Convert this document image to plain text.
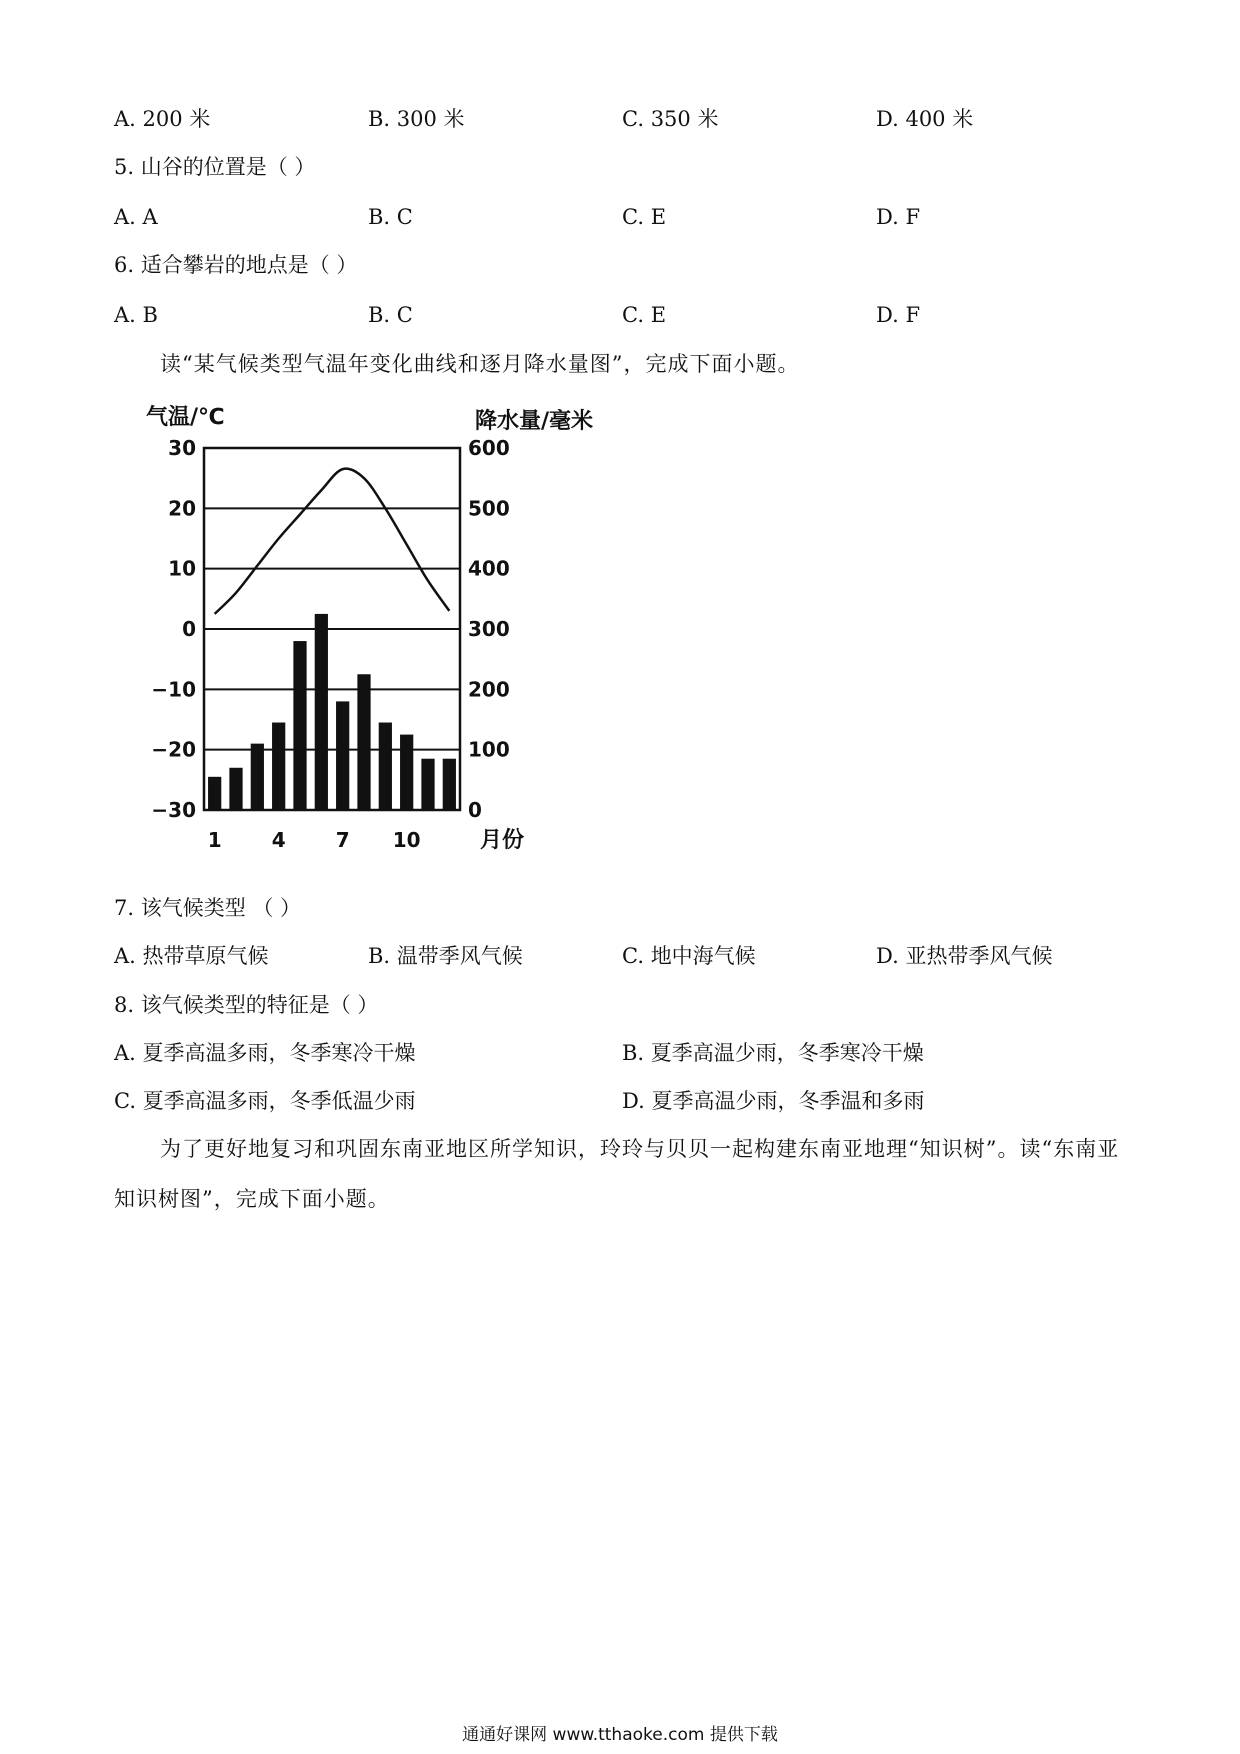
A. 200 米	B. 300 米	C. 350 米	D. 400 米
5. 山谷的位置是（ ）
A. A	B. C	C. E	D. F
6. 适合攀岩的地点是（ ）
A. B	B. C	C. E	D. F
读“某气候类型气温年变化曲线和逐月降水量图”，完成下面小题。
气温/℃	降水量/毫米
30	600
20	500
10	400
0	300
−10	200
−20	100
−30	0
1	4	7 10	月份
7. 该气候类型 （ ）
A. 热带草原气候	B. 温带季风气候	C. 地中海气候	D. 亚热带季风气候
8. 该气候类型的特征是（ ）
A. 夏季高温多雨，冬季寒冷干燥	B. 夏季高温少雨，冬季寒冷干燥
C. 夏季高温多雨，冬季低温少雨	D. 夏季高温少雨，冬季温和多雨
为了更好地复习和巩固东南亚地区所学知识，玲玲与贝贝一起构建东南亚地理“知识树”。读“东南亚知识树图”，完成下面小题。
通通好课网 www.tthaoke.com 提供下载
